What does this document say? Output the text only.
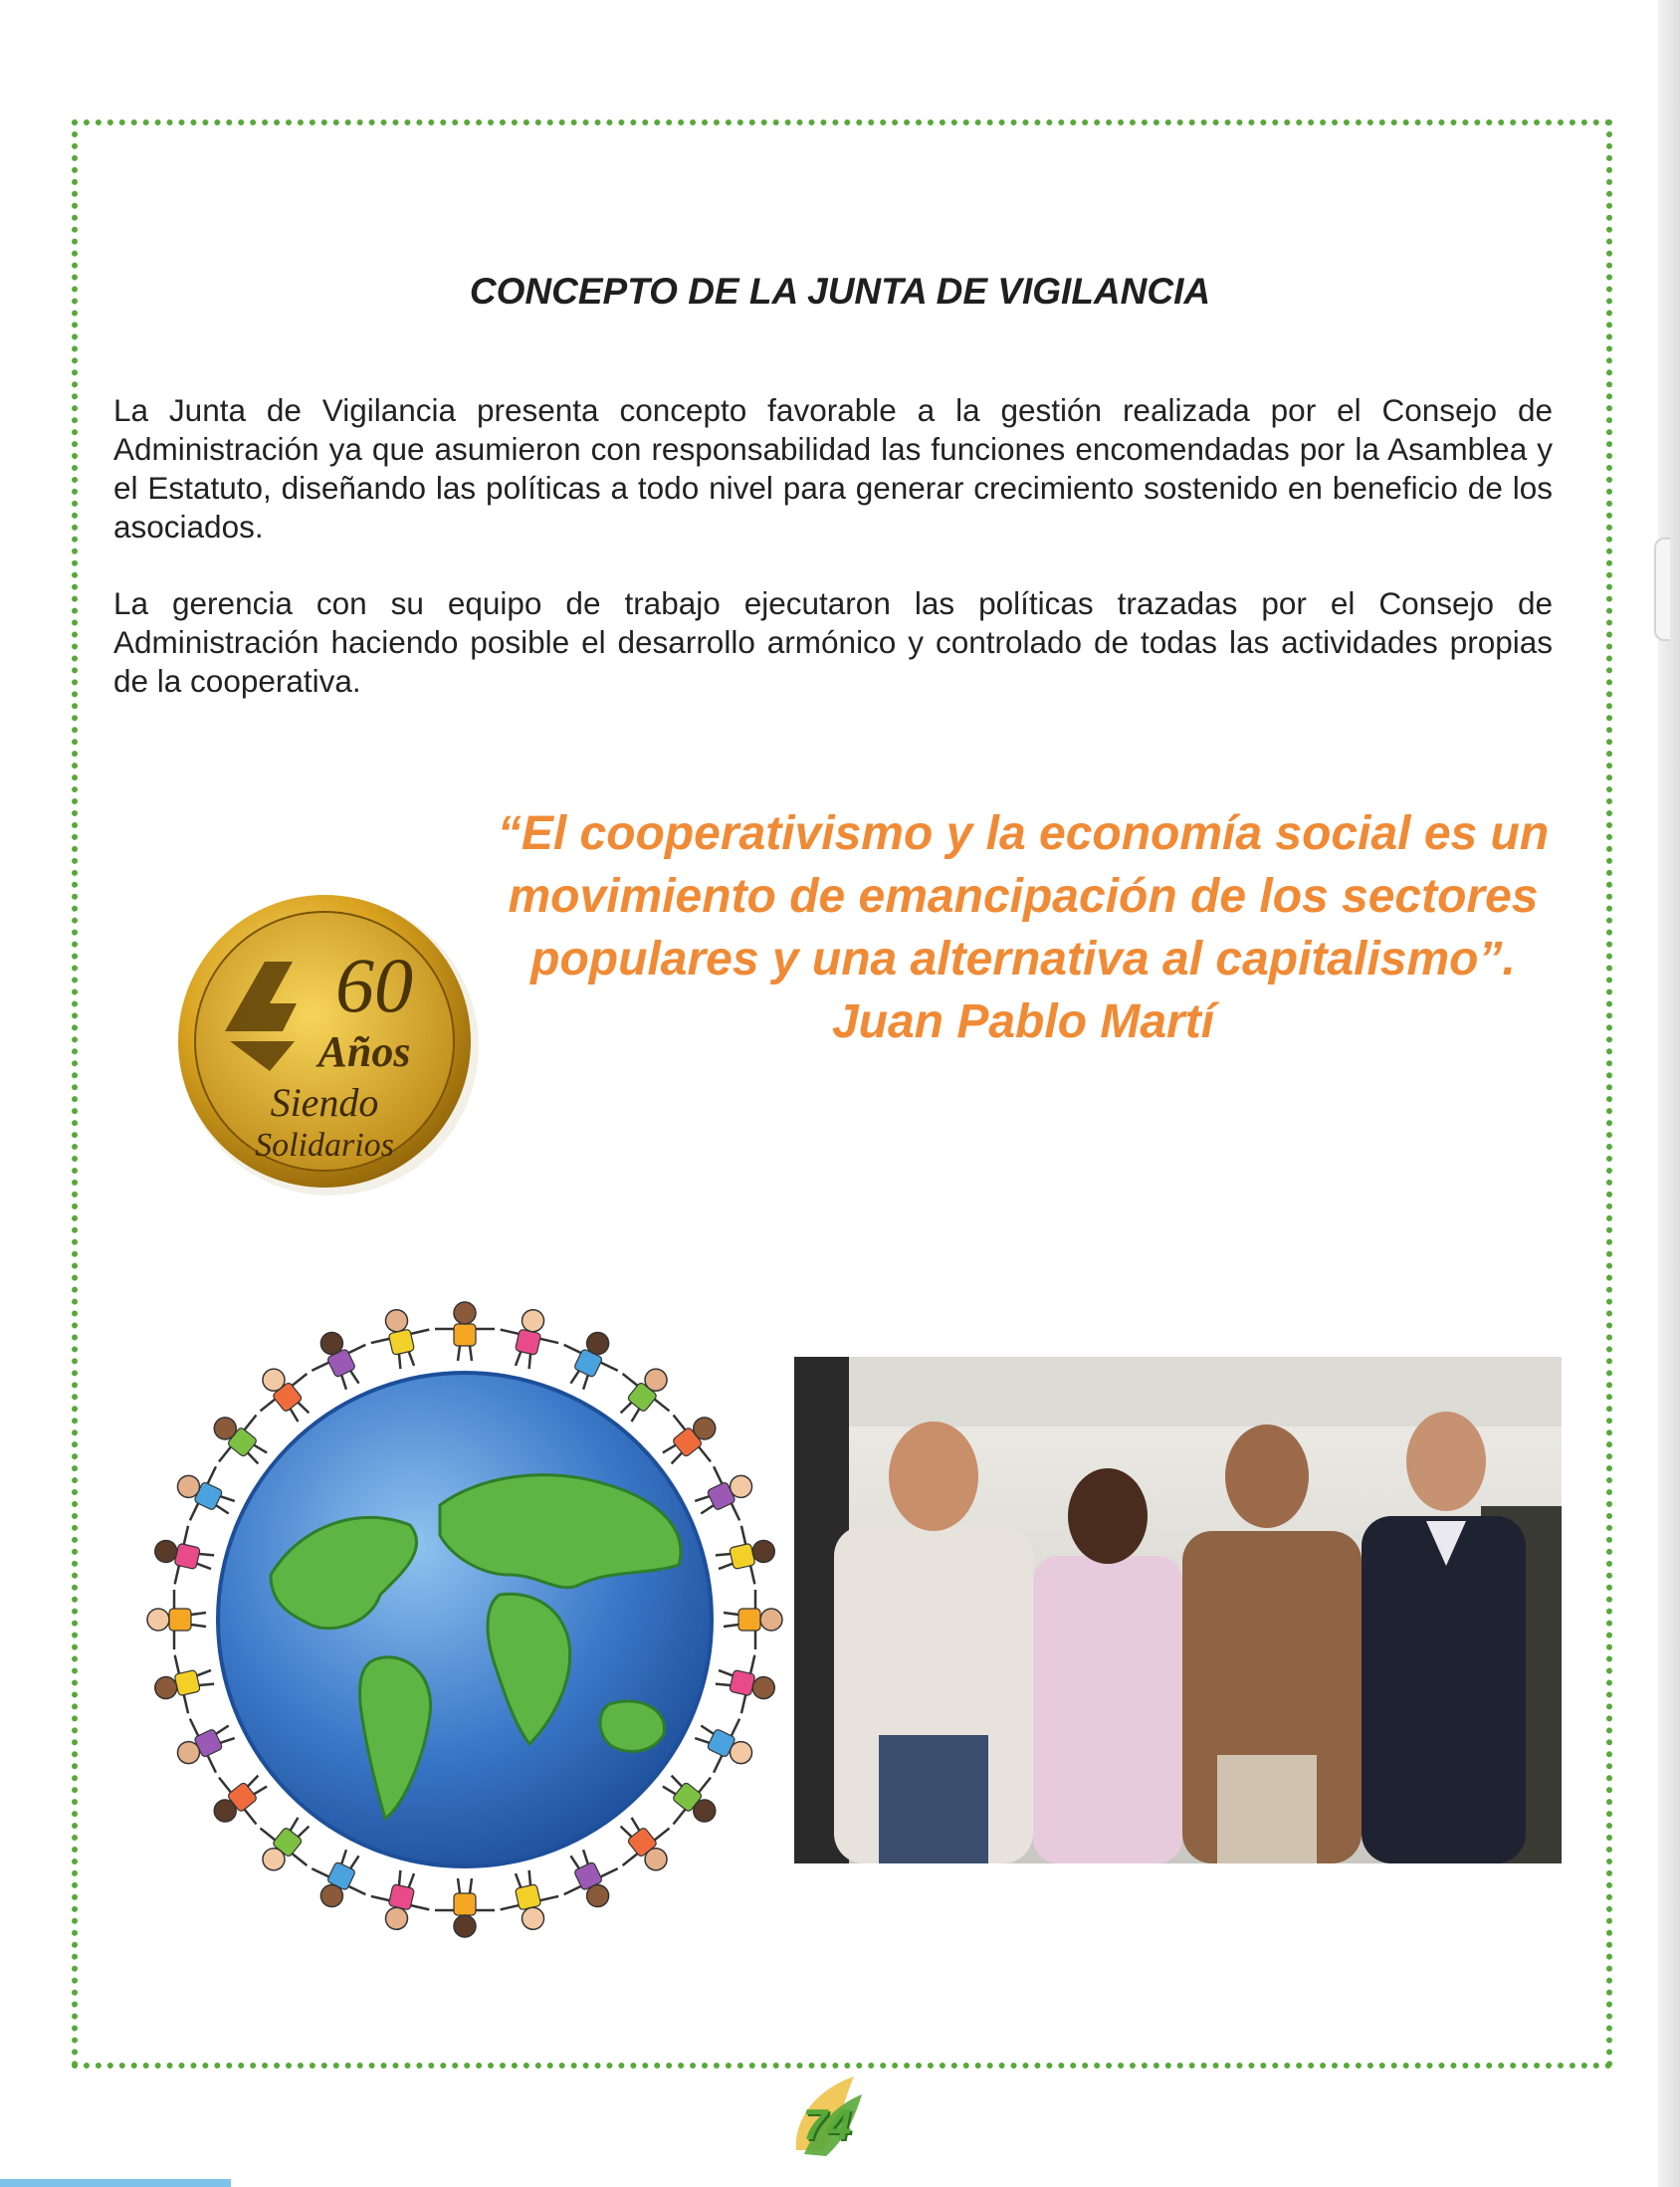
CONCEPTO DE LA JUNTA DE VIGILANCIA

La Junta de Vigilancia presenta concepto favorable a la gestión realizada por el Consejo de Administración ya que asumieron con responsabilidad las funciones encomendadas por la Asamblea y el Estatuto, diseñando las políticas a todo nivel para generar crecimiento sostenido en beneficio de los asociados.

La gerencia con su equipo de trabajo ejecutaron las políticas trazadas por el Consejo de Administración haciendo posible el desarrollo armónico y controlado de todas las actividades propias de la cooperativa.

“El cooperativismo y la economía social es un movimiento de emancipación de los sectores populares y una alternativa al capitalismo”.
Juan Pablo Martí
60
Años
Siendo
Solidarios
74
